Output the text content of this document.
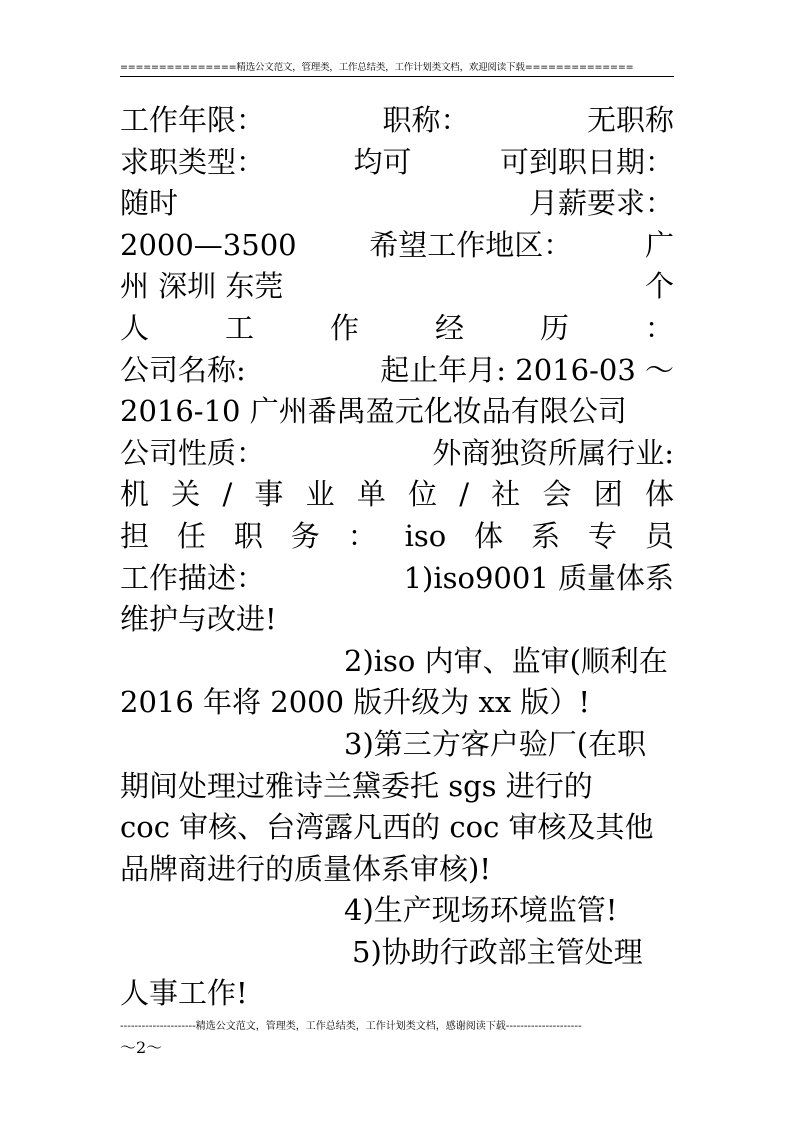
===============精选公文范文，管理类，工作总结类，工作计划类文档，欢迎阅读下载==============
工作年限：	职称：	无职称
求职类型：	均可	可到职日期：
随时	月薪要求：
2000—3500	希望工作地区：	广
州 深圳 东莞	个
人	工	作	经	历	：
公司名称:	起止年月: 2016-03 ～
2016-10 广州番禺盈元化妆品有限公司
公司性质：	外商独资所属行业:
机 关 / 事 业 单 位 / 社 会 团 体
担 任 职 务 ： iso 体 系 专 员
工作描述：	1)iso9001 质量体系
维护与改进!
2)iso 内审、监审(顺利在
2016 年将 2000 版升级为 xx 版）!
3)第三方客户验厂(在职
期间处理过雅诗兰黛委托 sgs 进行的
coc 审核、台湾露凡西的 coc 审核及其他
品牌商进行的质量体系审核)!
4)生产现场环境监管!
5)协助行政部主管处理
人事工作!
---------------------精选公文范文，管理类，工作总结类，工作计划类文档，感谢阅读下载---------------------
～2～
